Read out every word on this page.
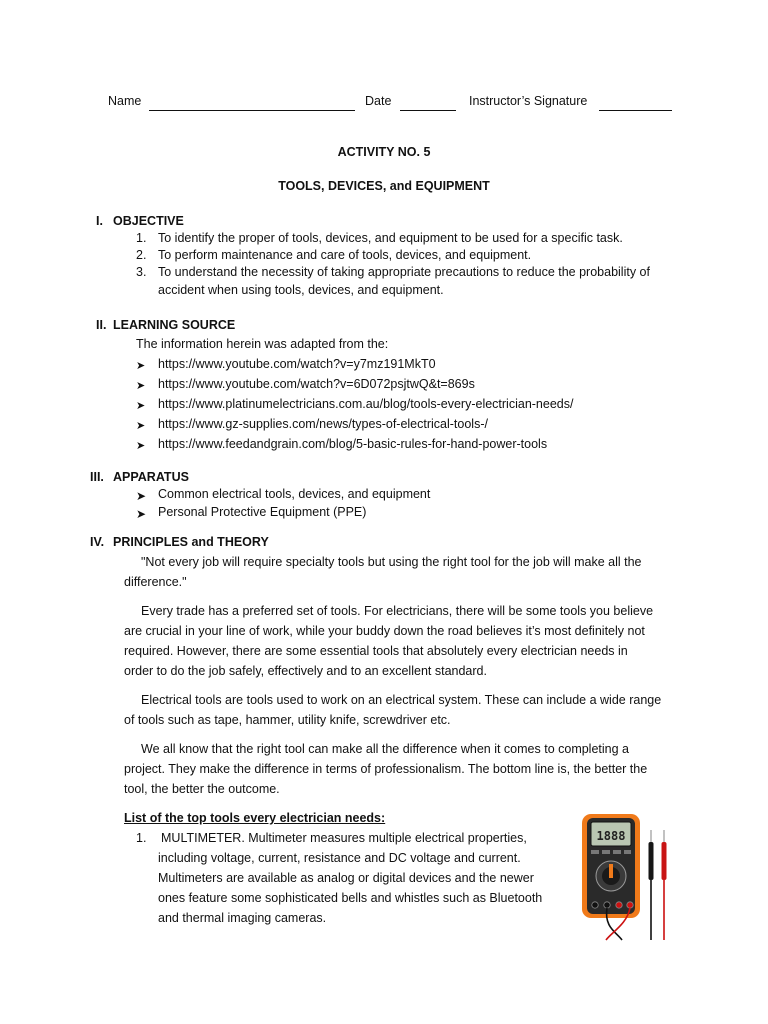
Name	Date	Instructor’s Signature
ACTIVITY NO. 5
TOOLS, DEVICES, and EQUIPMENT
I. OBJECTIVE
1. To identify the proper of tools, devices, and equipment to be used for a specific task.
2. To perform maintenance and care of tools, devices, and equipment.
3. To understand the necessity of taking appropriate precautions to reduce the probability of
accident when using tools, devices, and equipment.
II. LEARNING SOURCE
The information herein was adapted from the:
➤ https://www.youtube.com/watch?v=y7mz191MkT0
➤ https://www.youtube.com/watch?v=6D072psjtwQ&t=869s
➤ https://www.platinumelectricians.com.au/blog/tools-every-electrician-needs/
➤ https://www.gz-supplies.com/news/types-of-electrical-tools-/
➤ https://www.feedandgrain.com/blog/5-basic-rules-for-hand-power-tools
III. APPARATUS
➤ Common electrical tools, devices, and equipment
➤ Personal Protective Equipment (PPE)
IV. PRINCIPLES and THEORY
"Not every job will require specialty tools but using the right tool for the job will make all the
difference."
Every trade has a preferred set of tools. For electricians, there will be some tools you believe
are crucial in your line of work, while your buddy down the road believes it’s most definitely not
required. However, there are some essential tools that absolutely every electrician needs in
order to do the job safely, effectively and to an excellent standard.
Electrical tools are tools used to work on an electrical system. These can include a wide range
of tools such as tape, hammer, utility knife, screwdriver etc.
We all know that the right tool can make all the difference when it comes to completing a
project. They make the difference in terms of professionalism. The bottom line is, the better the
tool, the better the outcome.
List of the top tools every electrician needs:
1. MULTIMETER. Multimeter measures multiple electrical properties,
including voltage, current, resistance and DC voltage and current.
Multimeters are available as analog or digital devices and the newer
ones feature some sophisticated bells and whistles such as Bluetooth
and thermal imaging cameras.
1888
